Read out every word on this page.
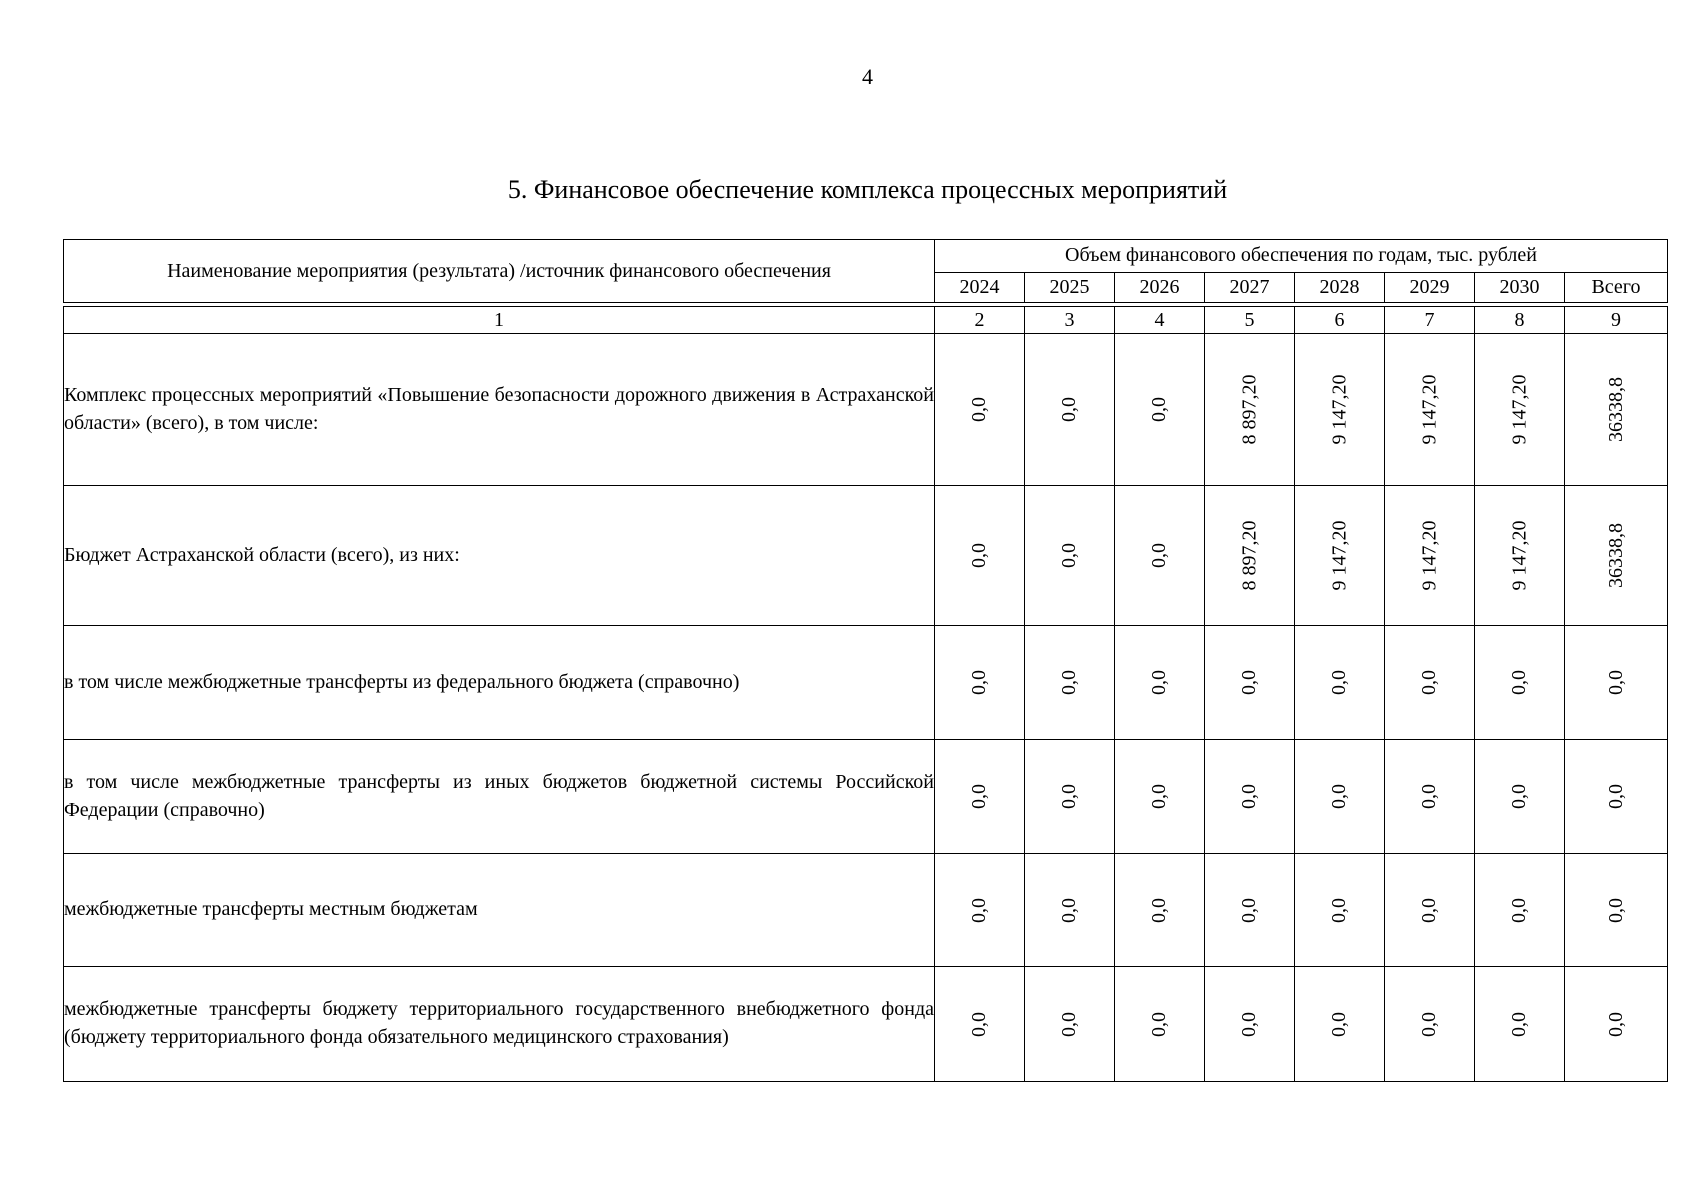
4
5. Финансовое обеспечение комплекса процессных мероприятий
Наименование мероприятия (результата) /источник финансового обеспечения	Объем финансового обеспечения по годам, тыс. рублей							
	2024	2025	2026	2027	2028	2029	2030	Всего

1	2	3	4	5	6	7	8	9
Комплекс процессных мероприятий «Повышение безопасности дорожного движения в Астраханской области» (всего), в том числе:	0,0	0,0	0,0	8 897,20	9 147,20	9 147,20	9 147,20	36338,8
Бюджет Астраханской области (всего), из них:	0,0	0,0	0,0	8 897,20	9 147,20	9 147,20	9 147,20	36338,8
в том числе межбюджетные трансферты из федерального бюджета (справочно)	0,0	0,0	0,0	0,0	0,0	0,0	0,0	0,0
в том числе межбюджетные трансферты из иных бюджетов бюджетной системы Российской Федерации (справочно)	0,0	0,0	0,0	0,0	0,0	0,0	0,0	0,0
межбюджетные трансферты местным бюджетам	0,0	0,0	0,0	0,0	0,0	0,0	0,0	0,0
межбюджетные трансферты бюджету территориального государственного внебюджетного фонда (бюджету территориального фонда обязательного медицинского страхования)	0,0	0,0	0,0	0,0	0,0	0,0	0,0	0,0
